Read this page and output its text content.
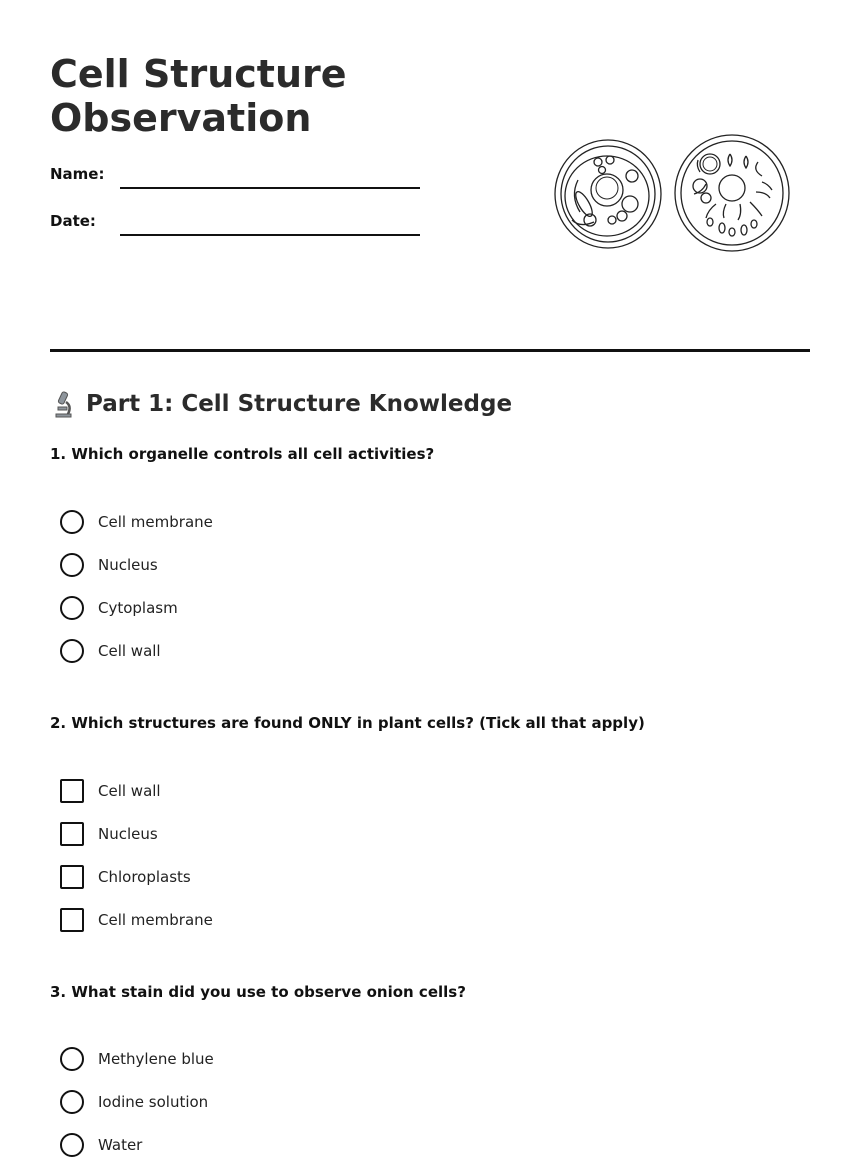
Cell Structure
Observation
Name:
Date:
Part 1: Cell Structure Knowledge
1. Which organelle controls all cell activities?
Cell membrane
Nucleus
Cytoplasm
Cell wall
2. Which structures are found ONLY in plant cells? (Tick all that apply)
Cell wall
Nucleus
Chloroplasts
Cell membrane
3. What stain did you use to observe onion cells?
Methylene blue
Iodine solution
Water
